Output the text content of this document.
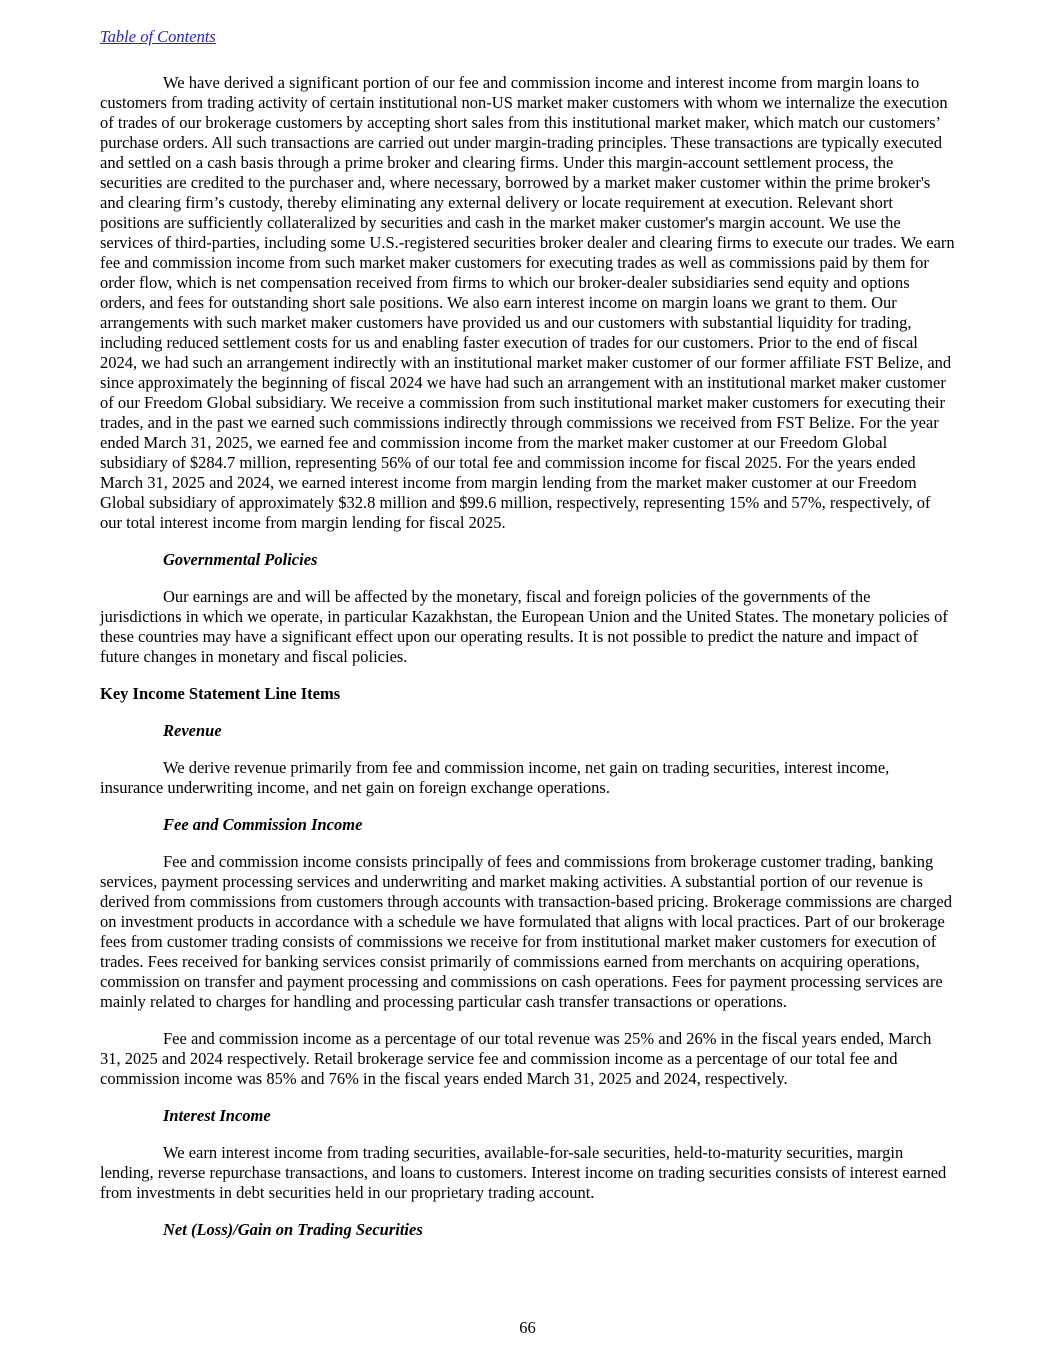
Table of Contents

We have derived a significant portion of our fee and commission income and interest income from margin loans to customers from trading activity of certain institutional non-US market maker customers with whom we internalize the execution of trades of our brokerage customers by accepting short sales from this institutional market maker, which match our customers’ purchase orders. All such transactions are carried out under margin-trading principles. These transactions are typically executed and settled on a cash basis through a prime broker and clearing firms. Under this margin-account settlement process, the securities are credited to the purchaser and, where necessary, borrowed by a market maker customer within the prime broker's and clearing firm’s custody, thereby eliminating any external delivery or locate requirement at execution. Relevant short positions are sufficiently collateralized by securities and cash in the market maker customer's margin account. We use the services of third-parties, including some U.S.-registered securities broker dealer and clearing firms to execute our trades. We earn fee and commission income from such market maker customers for executing trades as well as commissions paid by them for order flow, which is net compensation received from firms to which our broker-dealer subsidiaries send equity and options orders, and fees for outstanding short sale positions. We also earn interest income on margin loans we grant to them. Our arrangements with such market maker customers have provided us and our customers with substantial liquidity for trading, including reduced settlement costs for us and enabling faster execution of trades for our customers. Prior to the end of fiscal 2024, we had such an arrangement indirectly with an institutional market maker customer of our former affiliate FST Belize, and since approximately the beginning of fiscal 2024 we have had such an arrangement with an institutional market maker customer of our Freedom Global subsidiary. We receive a commission from such institutional market maker customers for executing their trades, and in the past we earned such commissions indirectly through commissions we received from FST Belize. For the year ended March 31, 2025, we earned fee and commission income from the market maker customer at our Freedom Global subsidiary of $284.7 million, representing 56% of our total fee and commission income for fiscal 2025. For the years ended March 31, 2025 and 2024, we earned interest income from margin lending from the market maker customer at our Freedom Global subsidiary of approximately $32.8 million and $99.6 million, respectively, representing 15% and 57%, respectively, of our total interest income from margin lending for fiscal 2025.

Governmental Policies

Our earnings are and will be affected by the monetary, fiscal and foreign policies of the governments of the jurisdictions in which we operate, in particular Kazakhstan, the European Union and the United States. The monetary policies of these countries may have a significant effect upon our operating results. It is not possible to predict the nature and impact of future changes in monetary and fiscal policies.

Key Income Statement Line Items
Revenue

We derive revenue primarily from fee and commission income, net gain on trading securities, interest income, insurance underwriting income, and net gain on foreign exchange operations.

Fee and Commission Income

Fee and commission income consists principally of fees and commissions from brokerage customer trading, banking services, payment processing services and underwriting and market making activities. A substantial portion of our revenue is derived from commissions from customers through accounts with transaction-based pricing. Brokerage commissions are charged on investment products in accordance with a schedule we have formulated that aligns with local practices. Part of our brokerage fees from customer trading consists of commissions we receive for from institutional market maker customers for execution of trades. Fees received for banking services consist primarily of commissions earned from merchants on acquiring operations, commission on transfer and payment processing and commissions on cash operations. Fees for payment processing services are mainly related to charges for handling and processing particular cash transfer transactions or operations.

Fee and commission income as a percentage of our total revenue was 25% and 26% in the fiscal years ended, March 31, 2025 and 2024 respectively. Retail brokerage service fee and commission income as a percentage of our total fee and commission income was 85% and 76% in the fiscal years ended March 31, 2025 and 2024, respectively.

Interest Income

We earn interest income from trading securities, available-for-sale securities, held-to-maturity securities, margin lending, reverse repurchase transactions, and loans to customers. Interest income on trading securities consists of interest earned from investments in debt securities held in our proprietary trading account.

Net (Loss)/Gain on Trading Securities
66
